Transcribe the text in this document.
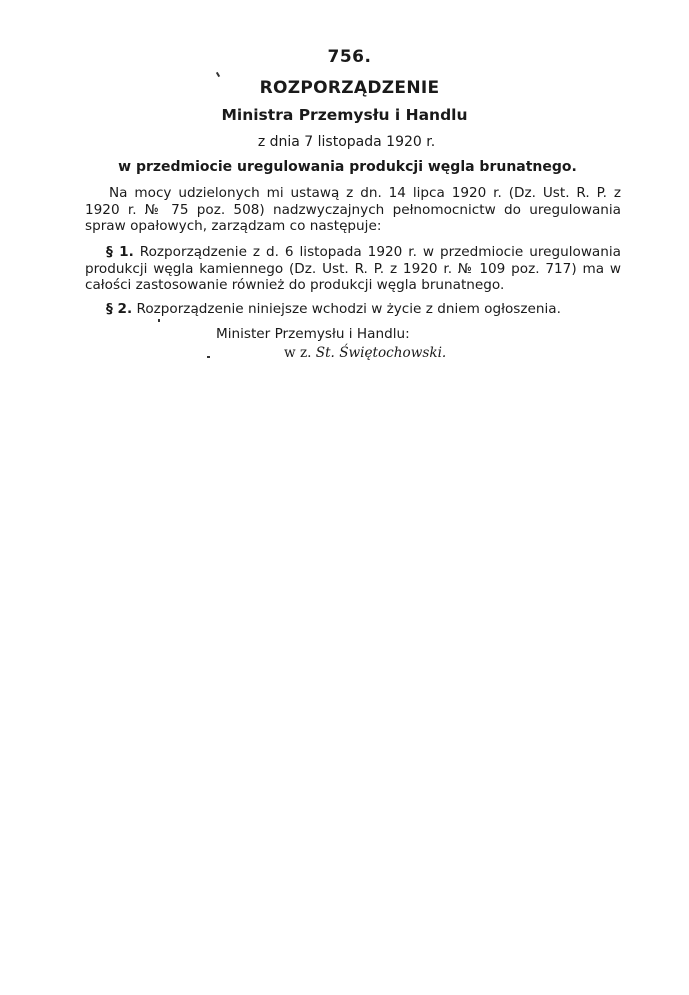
756.
ROZPORZĄDZENIE
Ministra Przemysłu i Handlu
z dnia 7 listopada 1920 r.
w przedmiocie uregulowania produkcji węgla brunatnego.
Na mocy udzielonych mi ustawą z dn. 14 lipca 1920 r. (Dz. Ust. R. P. z 1920 r. № 75 poz. 508) nadzwyczajnych pełnomocnictw do uregulowania spraw opałowych, zarządzam co następuje:
§ 1. Rozporządzenie z d. 6 listopada 1920 r. w przedmiocie uregulowania produkcji węgla kamiennego (Dz. Ust. R. P. z 1920 r. № 109 poz. 717) ma w całości zastosowanie również do produkcji węgla brunatnego.
§ 2. Rozporządzenie niniejsze wchodzi w życie z dniem ogłoszenia.
Minister Przemysłu i Handlu:
w z. St. Świętochowski.
